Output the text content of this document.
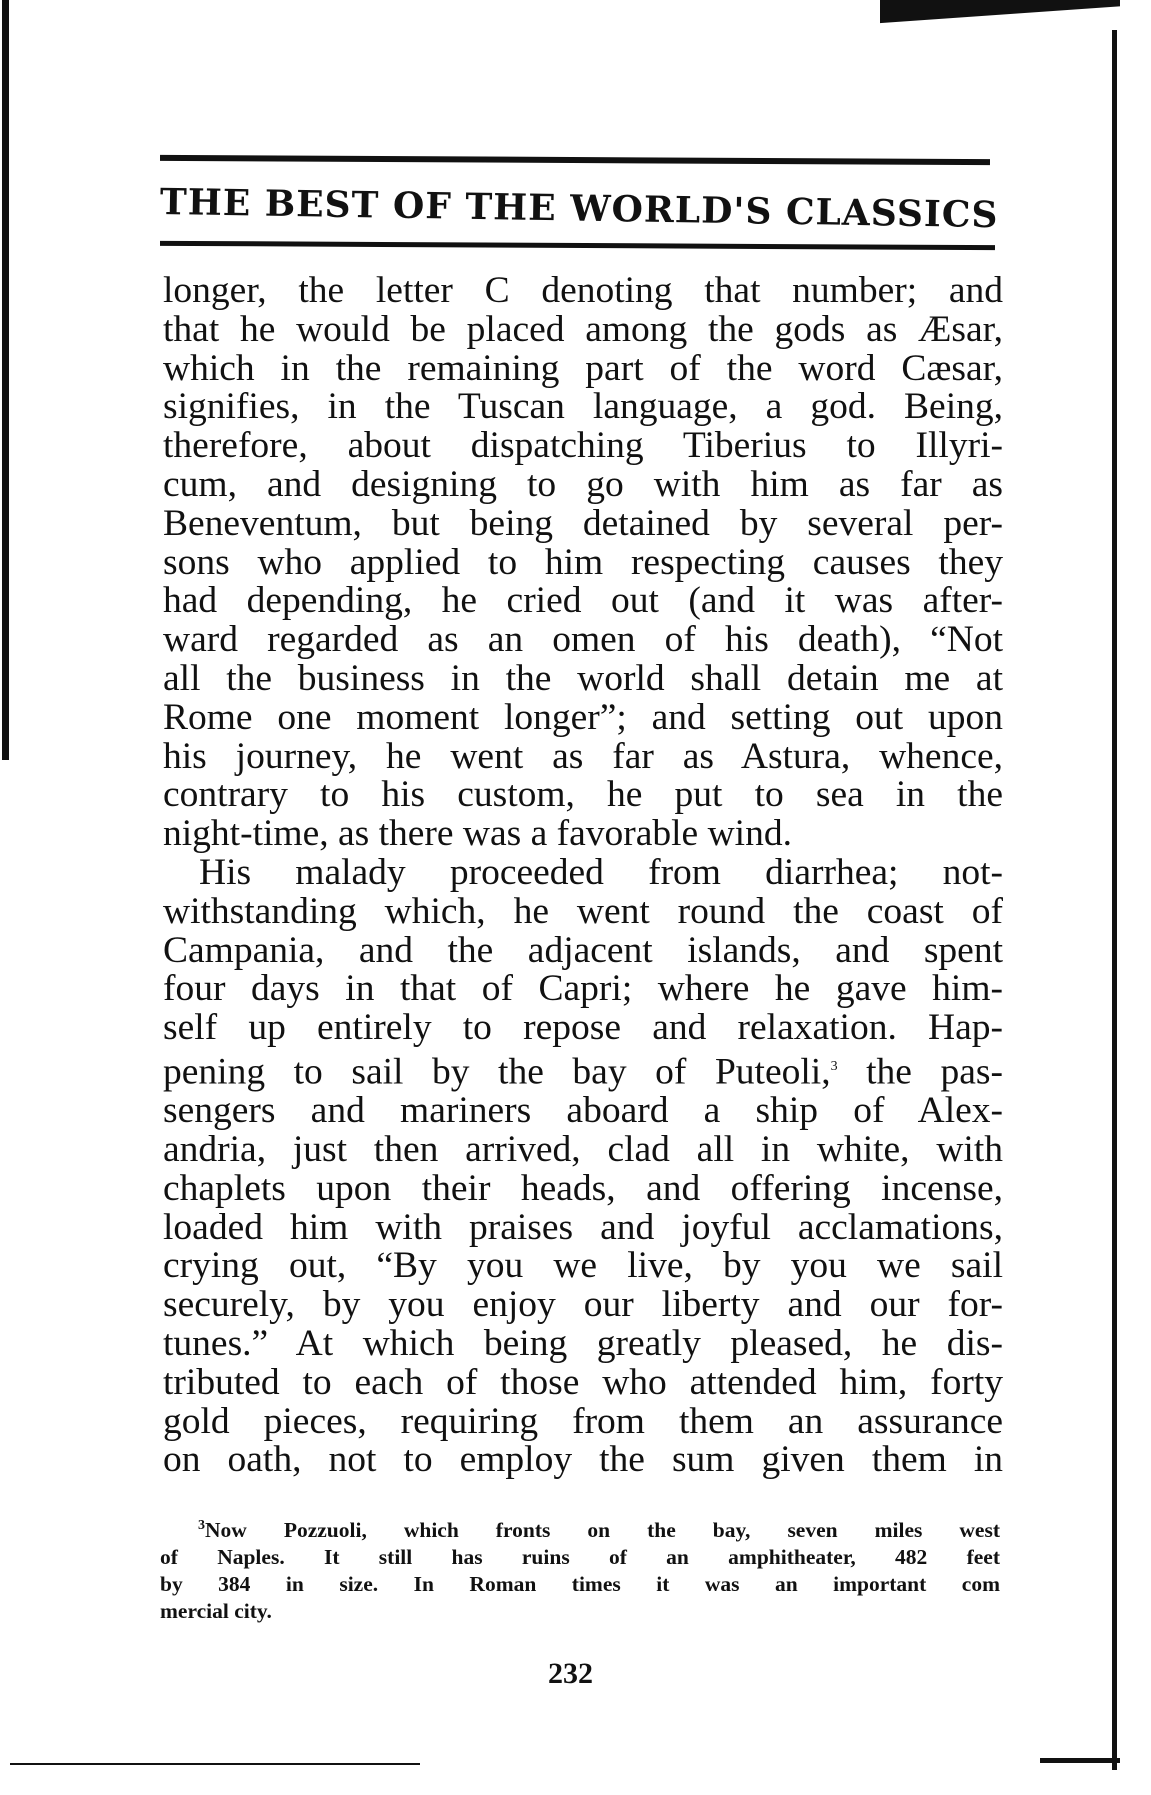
THE BEST OF THE WORLD'S CLASSICS
longer, the letter C denoting that number; and
that he would be placed among the gods as Æsar,
which in the remaining part of the word Cæsar,
signifies, in the Tuscan language, a god. Being,
therefore, about dispatching Tiberius to Illyri-
cum, and designing to go with him as far as
Beneventum, but being detained by several per-
sons who applied to him respecting causes they
had depending, he cried out (and it was after-
ward regarded as an omen of his death), “Not
all the business in the world shall detain me at
Rome one moment longer”; and setting out upon
his journey, he went as far as Astura, whence,
contrary to his custom, he put to sea in the
night-time, as there was a favorable wind.
His malady proceeded from diarrhea; not-
withstanding which, he went round the coast of
Campania, and the adjacent islands, and spent
four days in that of Capri; where he gave him-
self up entirely to repose and relaxation. Hap-
pening to sail by the bay of Puteoli,$^3$ the pas-
sengers and mariners aboard a ship of Alex-
andria, just then arrived, clad all in white, with
chaplets upon their heads, and offering incense,
loaded him with praises and joyful acclamations,
crying out, “By you we live, by you we sail
securely, by you enjoy our liberty and our for-
tunes.” At which being greatly pleased, he dis-
tributed to each of those who attended him, forty
gold pieces, requiring from them an assurance
on oath, not to employ the sum given them in
$^3$Now Pozzuoli, which fronts on the bay, seven miles west
of Naples. It still has ruins of an amphitheater, 482 feet
by 384 in size. In Roman times it was an important com
mercial city.
232
